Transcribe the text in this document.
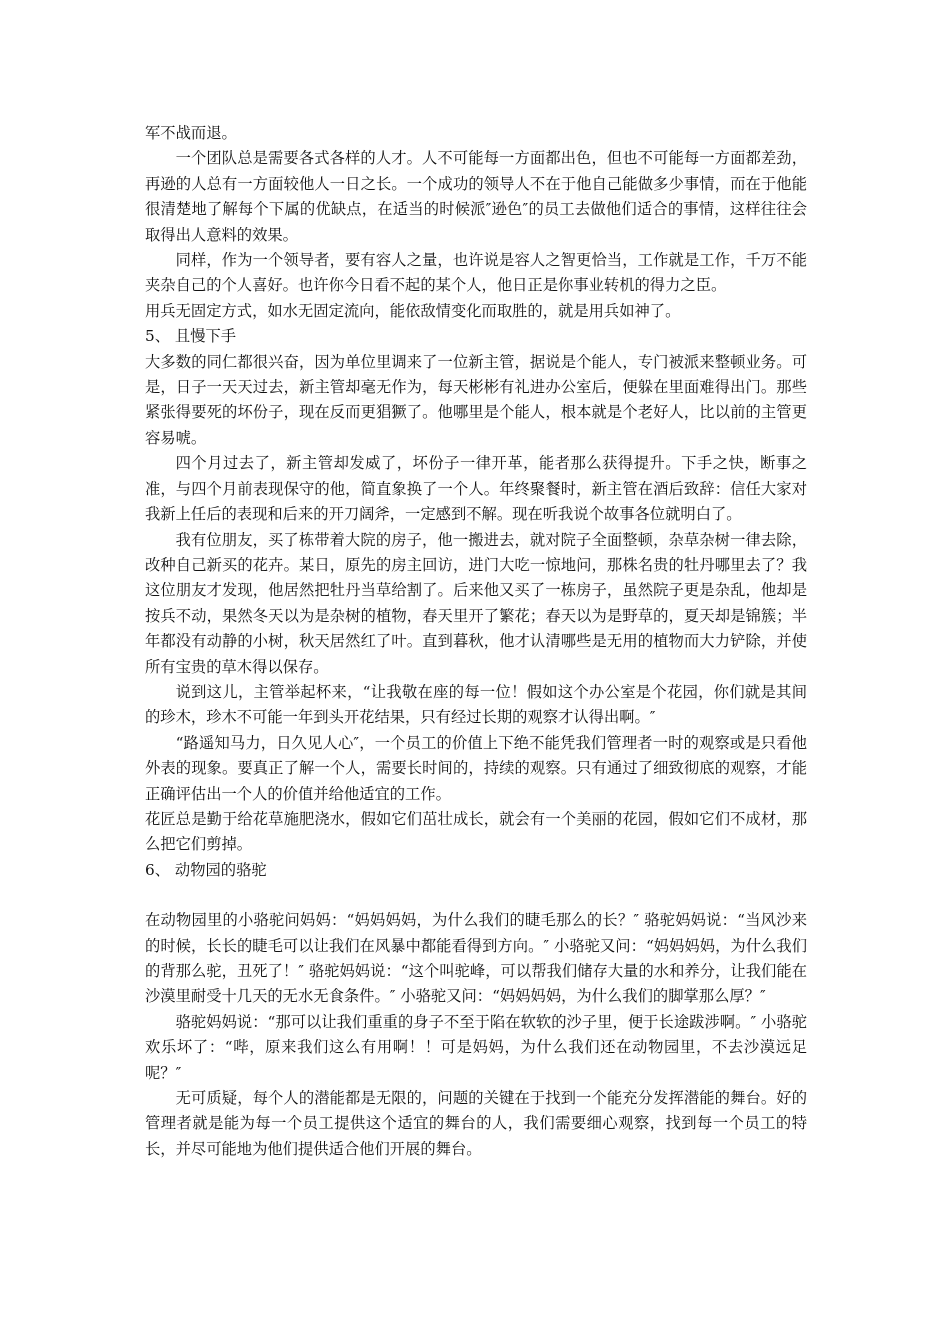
军不战而退。

一个团队总是需要各式各样的人才。人不可能每一方面都出色，但也不可能每一方面都差劲，再逊的人总有一方面较他人一日之长。一个成功的领导人不在于他自己能做多少事情，而在于他能很清楚地了解每个下属的优缺点，在适当的时候派″逊色″的员工去做他们适合的事情，这样往往会取得出人意料的效果。

同样，作为一个领导者，要有容人之量，也许说是容人之智更恰当，工作就是工作，千万不能夹杂自己的个人喜好。也许你今日看不起的某个人，他日正是你事业转机的得力之臣。

用兵无固定方式，如水无固定流向，能依敌情变化而取胜的，就是用兵如神了。

5、 且慢下手

大多数的同仁都很兴奋，因为单位里调来了一位新主管，据说是个能人，专门被派来整顿业务。可是，日子一天天过去，新主管却毫无作为，每天彬彬有礼进办公室后，便躲在里面难得出门。那些紧张得要死的坏份子，现在反而更猖獗了。他哪里是个能人，根本就是个老好人，比以前的主管更容易唬。

四个月过去了，新主管却发威了，坏份子一律开革，能者那么获得提升。下手之快，断事之准，与四个月前表现保守的他，简直象换了一个人。年终聚餐时，新主管在酒后致辞：信任大家对我新上任后的表现和后来的开刀阔斧，一定感到不解。现在听我说个故事各位就明白了。

我有位朋友，买了栋带着大院的房子，他一搬进去，就对院子全面整顿，杂草杂树一律去除，改种自己新买的花卉。某日，原先的房主回访，进门大吃一惊地问，那株名贵的牡丹哪里去了？我这位朋友才发现，他居然把牡丹当草给割了。后来他又买了一栋房子，虽然院子更是杂乱，他却是按兵不动，果然冬天以为是杂树的植物，春天里开了繁花；春天以为是野草的，夏天却是锦簇；半年都没有动静的小树，秋天居然红了叶。直到暮秋，他才认清哪些是无用的植物而大力铲除，并使所有宝贵的草木得以保存。

说到这儿，主管举起杯来，“让我敬在座的每一位！假如这个办公室是个花园，你们就是其间的珍木，珍木不可能一年到头开花结果，只有经过长期的观察才认得出啊。″

“路遥知马力，日久见人心″，一个员工的价值上下绝不能凭我们管理者一时的观察或是只看他外表的现象。要真正了解一个人，需要长时间的，持续的观察。只有通过了细致彻底的观察，才能正确评估出一个人的价值并给他适宜的工作。

花匠总是勤于给花草施肥浇水，假如它们茁壮成长，就会有一个美丽的花园，假如它们不成材，那么把它们剪掉。

6、 动物园的骆驼

在动物园里的小骆驼问妈妈：“妈妈妈妈，为什么我们的睫毛那么的长？″ 骆驼妈妈说：“当风沙来的时候，长长的睫毛可以让我们在风暴中都能看得到方向。″ 小骆驼又问：“妈妈妈妈，为什么我们的背那么驼，丑死了！″ 骆驼妈妈说：“这个叫驼峰，可以帮我们储存大量的水和养分，让我们能在沙漠里耐受十几天的无水无食条件。″ 小骆驼又问：“妈妈妈妈，为什么我们的脚掌那么厚？″

骆驼妈妈说：“那可以让我们重重的身子不至于陷在软软的沙子里，便于长途跋涉啊。″ 小骆驼欢乐坏了：“哔，原来我们这么有用啊！！可是妈妈，为什么我们还在动物园里，不去沙漠远足呢？″

无可质疑，每个人的潜能都是无限的，问题的关键在于找到一个能充分发挥潜能的舞台。好的管理者就是能为每一个员工提供这个适宜的舞台的人，我们需要细心观察，找到每一个员工的特长，并尽可能地为他们提供适合他们开展的舞台。
